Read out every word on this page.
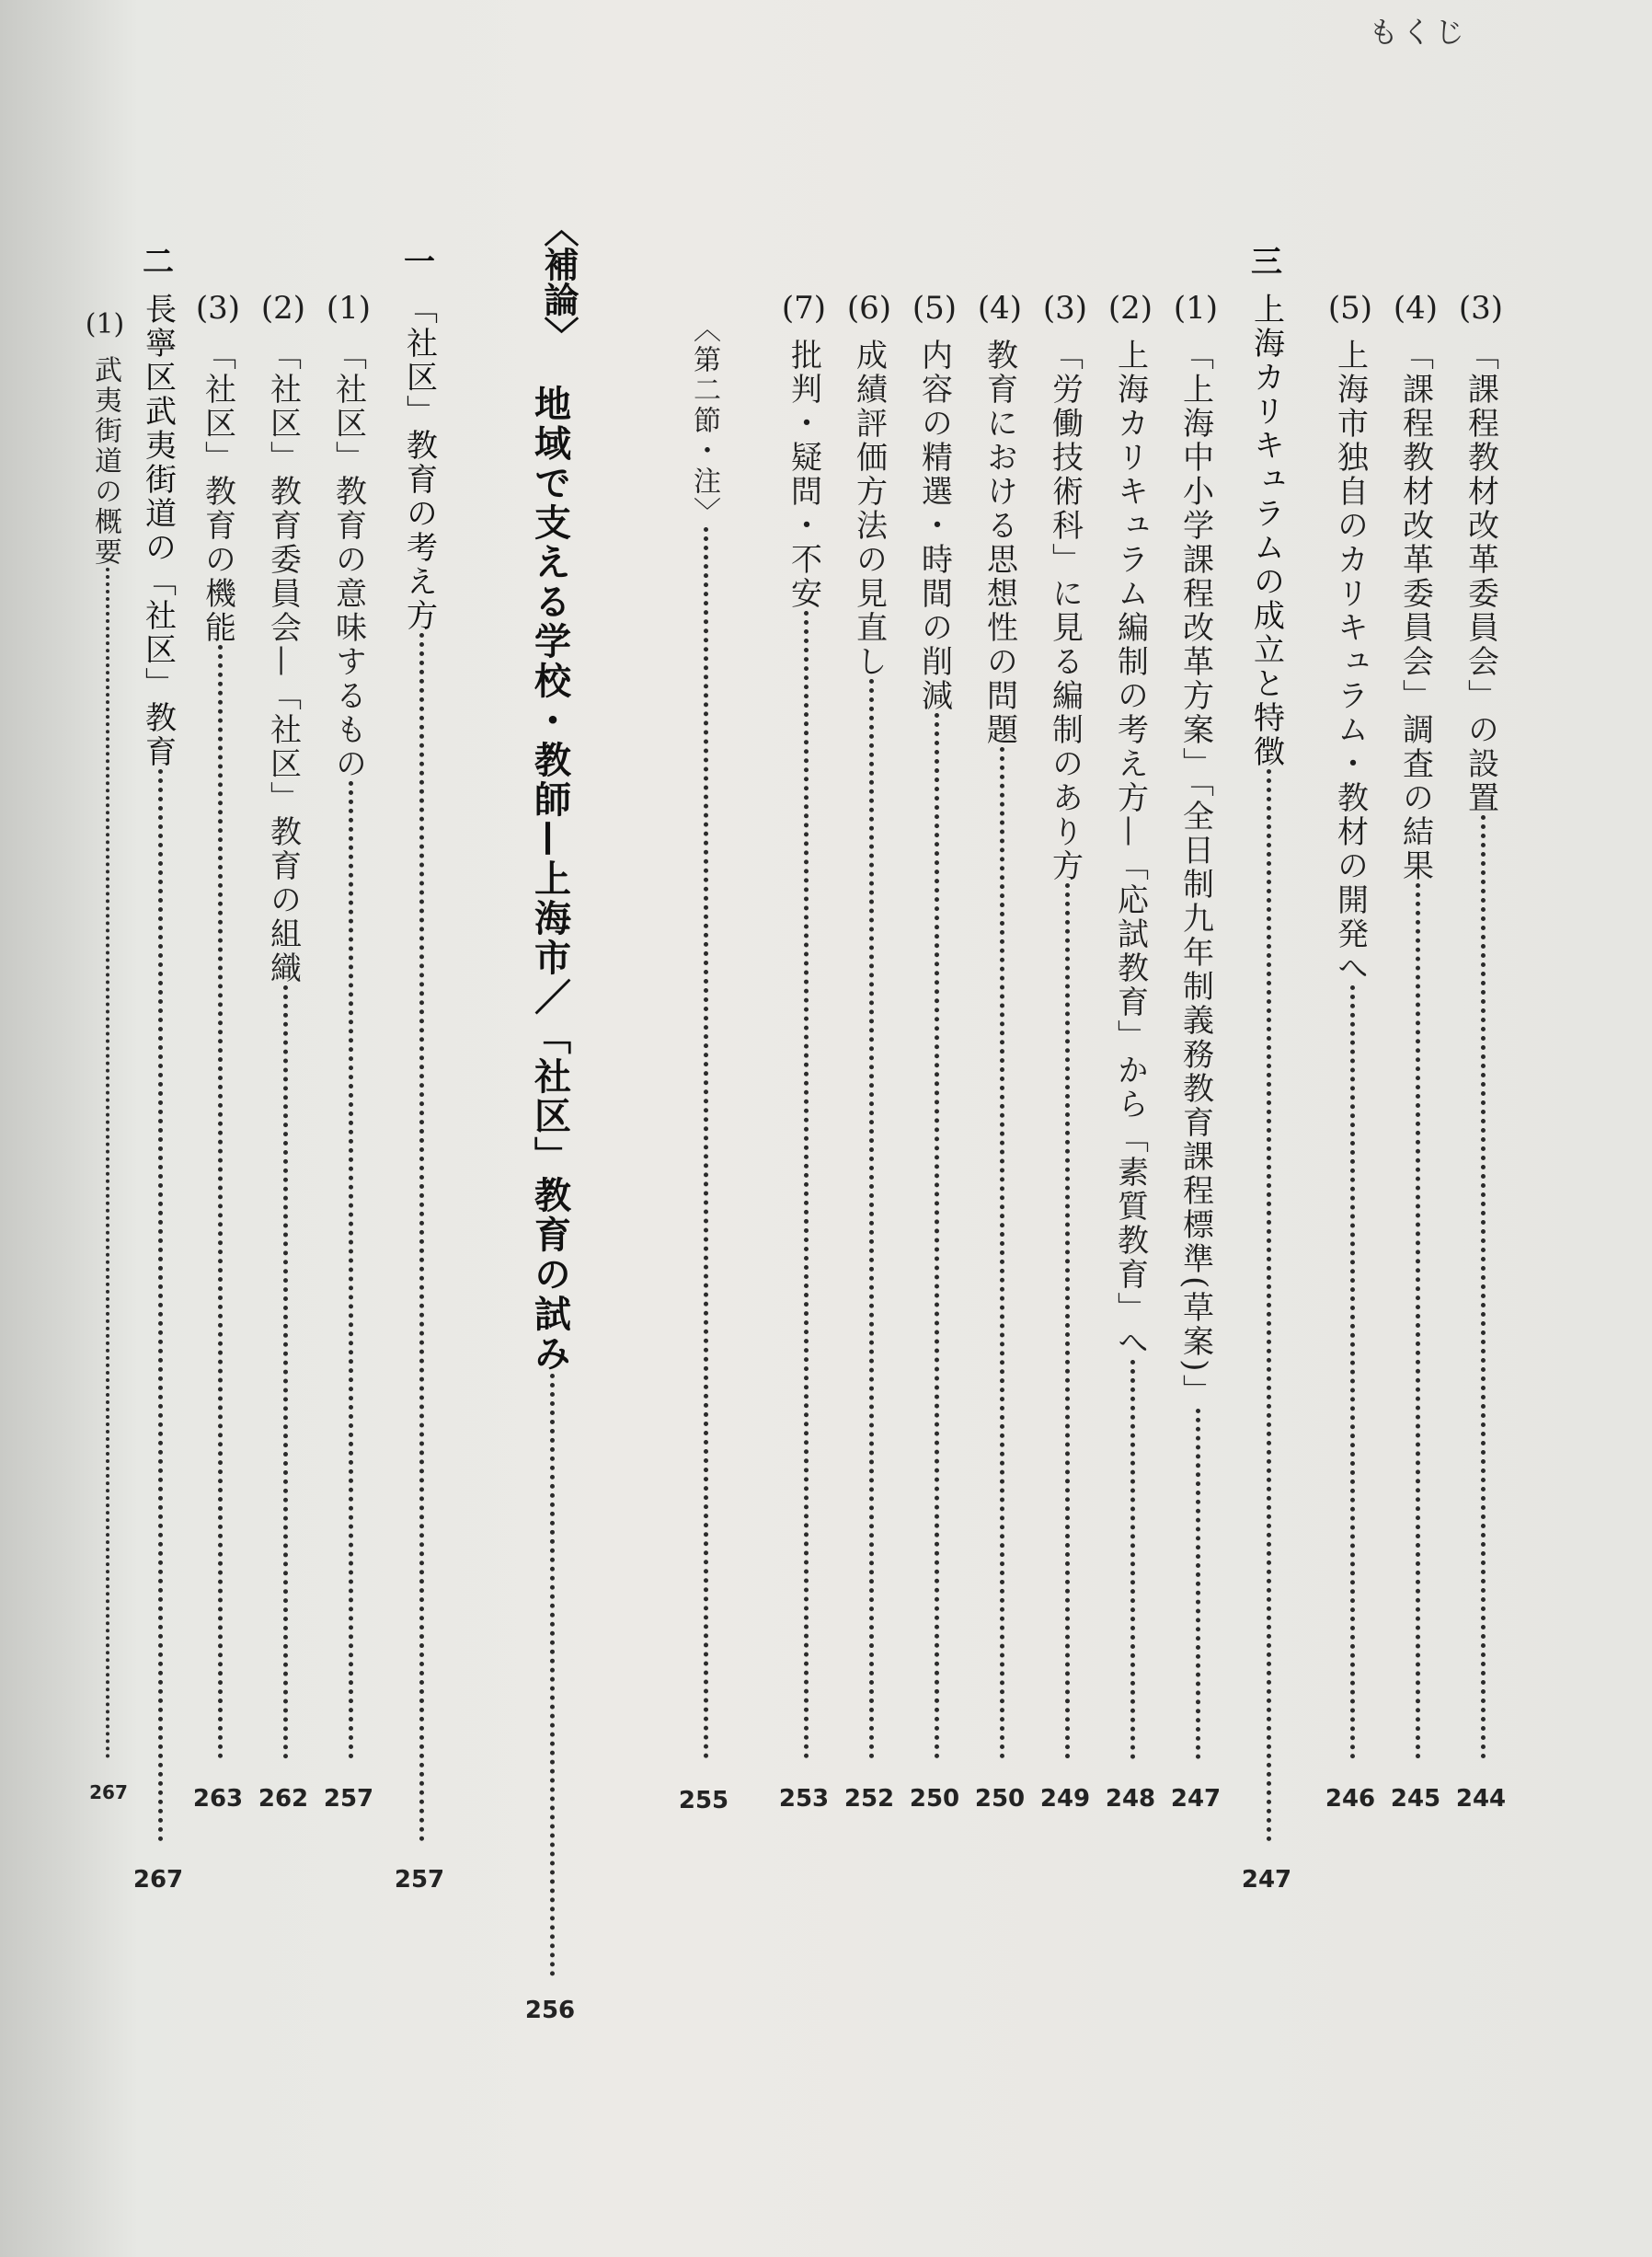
もくじ
(3)
「課程教材改革委員会」の設置
244
(4)
「課程教材改革委員会」調査の結果
245
(5)
上海市独自のカリキュラム・教材の開発へ
246
三
上海カリキュラムの成立と特徴
247
(1)
「上海中小学課程改革方案」「全日制九年制義務教育課程標準(草案)」
247
(2)
上海カリキュラム編制の考え方—「応試教育」から「素質教育」へ
248
(3)
「労働技術科」に見る編制のあり方
249
(4)
教育における思想性の問題
250
(5)
内容の精選・時間の削減
250
(6)
成績評価方法の見直し
252
(7)
批判・疑問・不安
253
〈第二節・注〉
255
〈補論〉
地域で支える学校・教師—上海市／「社区」教育の試み
256
一
「社区」教育の考え方
257
(1)
「社区」教育の意味するもの
257
(2)
「社区」教育委員会—「社区」教育の組織
262
(3)
「社区」教育の機能
263
二
長寧区武夷街道の「社区」教育
267
(1)
武夷街道の概要
267
